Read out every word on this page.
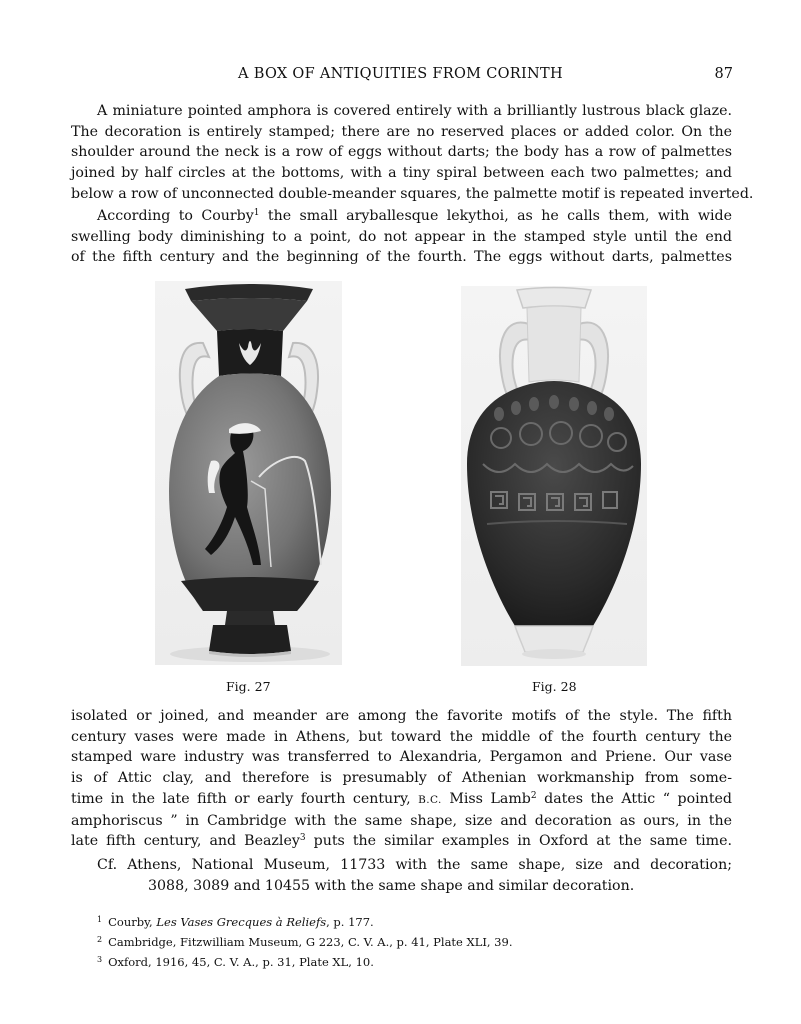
A BOX OF ANTIQUITIES FROM CORINTH	87

A miniature pointed amphora is covered entirely with a brilliantly lustrous black glaze.
The decoration is entirely stamped; there are no reserved places or added color. On the
shoulder around the neck is a row of eggs without darts; the body has a row of palmettes
joined by half circles at the bottoms, with a tiny spiral between each two palmettes; and
below a row of unconnected double-meander squares, the palmette motif is repeated inverted.

According to Courby$^1$ the small aryballesque lekythoi, as he calls them, with wide
swelling body diminishing to a point, do not appear in the stamped style until the end
of the fifth century and the beginning of the fourth. The eggs without darts, palmettes

Fig. 27	Fig. 28

isolated or joined, and meander are among the favorite motifs of the style. The fifth
century vases were made in Athens, but toward the middle of the fourth century the
stamped ware industry was transferred to Alexandria, Pergamon and Priene. Our vase
is of Attic clay, and therefore is presumably of Athenian workmanship from some-
time in the late fifth or early fourth century, B.C. Miss Lamb$^2$ dates the Attic “ pointed
amphoriscus ” in Cambridge with the same shape, size and decoration as ours, in the
late fifth century, and Beazley$^3$ puts the similar examples in Oxford at the same time.

Cf. Athens, National Museum, 11733 with the same shape, size and decoration;
3088, 3089 and 10455 with the same shape and similar decoration.

$^1$ Courby, Les Vases Grecques à Reliefs, p. 177.
$^2$ Cambridge, Fitzwilliam Museum, G 223, C. V. A., p. 41, Plate XLI, 39.
$^3$ Oxford, 1916, 45, C. V. A., p. 31, Plate XL, 10.
